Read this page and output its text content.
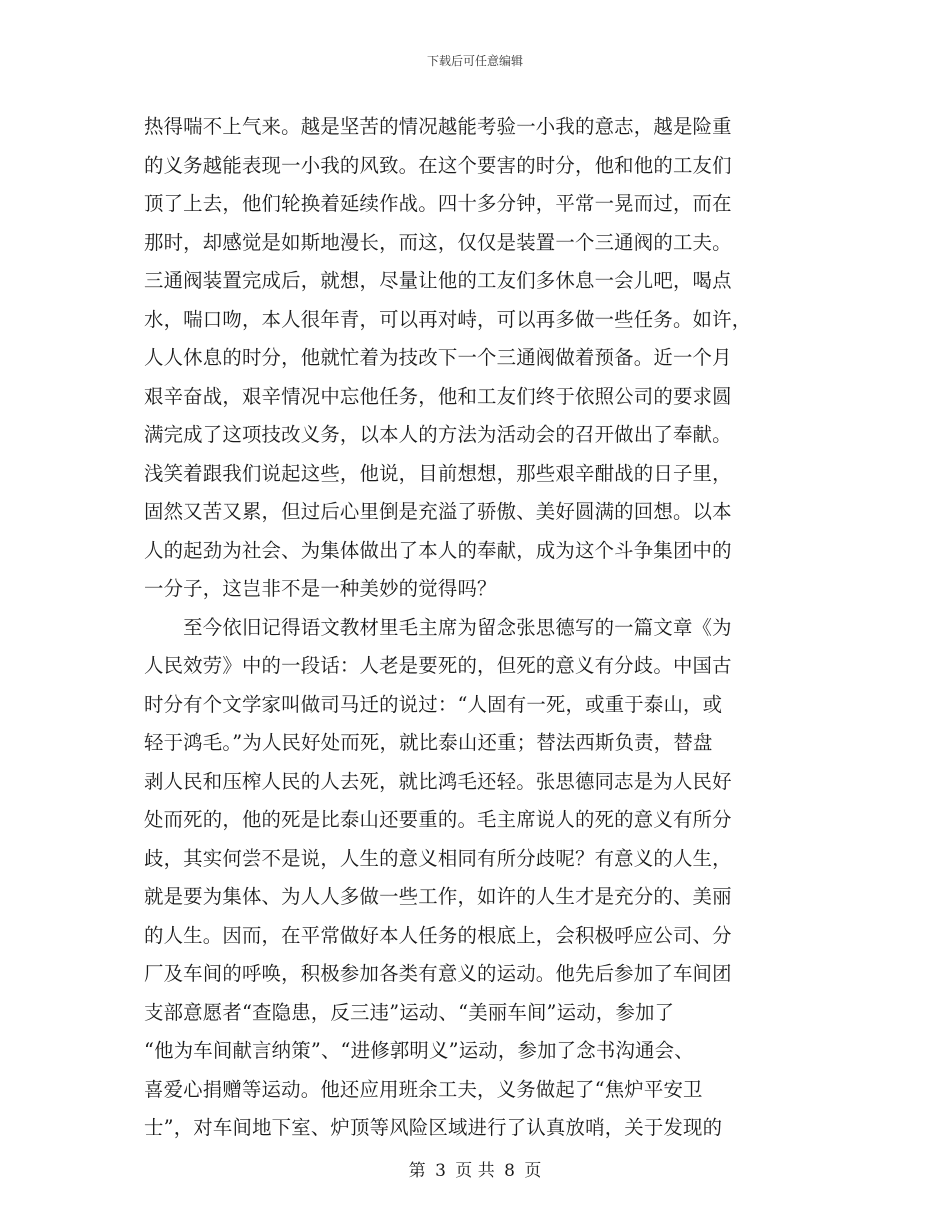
下载后可任意编辑
热得喘不上气来。越是坚苦的情况越能考验一小我的意志，越是险重
的义务越能表现一小我的风致。在这个要害的时分，他和他的工友们
顶了上去，他们轮换着延续作战。四十多分钟，平常一晃而过，而在
那时，却感觉是如斯地漫长，而这，仅仅是装置一个三通阀的工夫。
三通阀装置完成后，就想，尽量让他的工友们多休息一会儿吧，喝点
水，喘口吻，本人很年青，可以再对峙，可以再多做一些任务。如许，
人人休息的时分，他就忙着为技改下一个三通阀做着预备。近一个月
艰辛奋战，艰辛情况中忘他任务，他和工友们终于依照公司的要求圆
满完成了这项技改义务，以本人的方法为活动会的召开做出了奉献。
浅笑着跟我们说起这些，他说，目前想想，那些艰辛酣战的日子里，
固然又苦又累，但过后心里倒是充溢了骄傲、美好圆满的回想。以本
人的起劲为社会、为集体做出了本人的奉献，成为这个斗争集团中的
一分子，这岂非不是一种美妙的觉得吗？
　　至今依旧记得语文教材里毛主席为留念张思德写的一篇文章《为
人民效劳》中的一段话：人老是要死的，但死的意义有分歧。中国古
时分有个文学家叫做司马迁的说过：“人固有一死，或重于泰山，或
轻于鸿毛。”为人民好处而死，就比泰山还重；替法西斯负责，替盘
剥人民和压榨人民的人去死，就比鸿毛还轻。张思德同志是为人民好
处而死的，他的死是比泰山还要重的。毛主席说人的死的意义有所分
歧，其实何尝不是说，人生的意义相同有所分歧呢？有意义的人生，
就是要为集体、为人人多做一些工作，如许的人生才是充分的、美丽
的人生。因而，在平常做好本人任务的根底上，会积极呼应公司、分
厂及车间的呼唤，积极参加各类有意义的运动。他先后参加了车间团
支部意愿者“查隐患，反三违”运动、“美丽车间”运动，参加了
“他为车间献言纳策”、“进修郭明义”运动，参加了念书沟通会、
喜爱心捐赠等运动。他还应用班余工夫，义务做起了“焦炉平安卫
士”，对车间地下室、炉顶等风险区域进行了认真放哨，关于发现的
第 3 页 共 8 页
